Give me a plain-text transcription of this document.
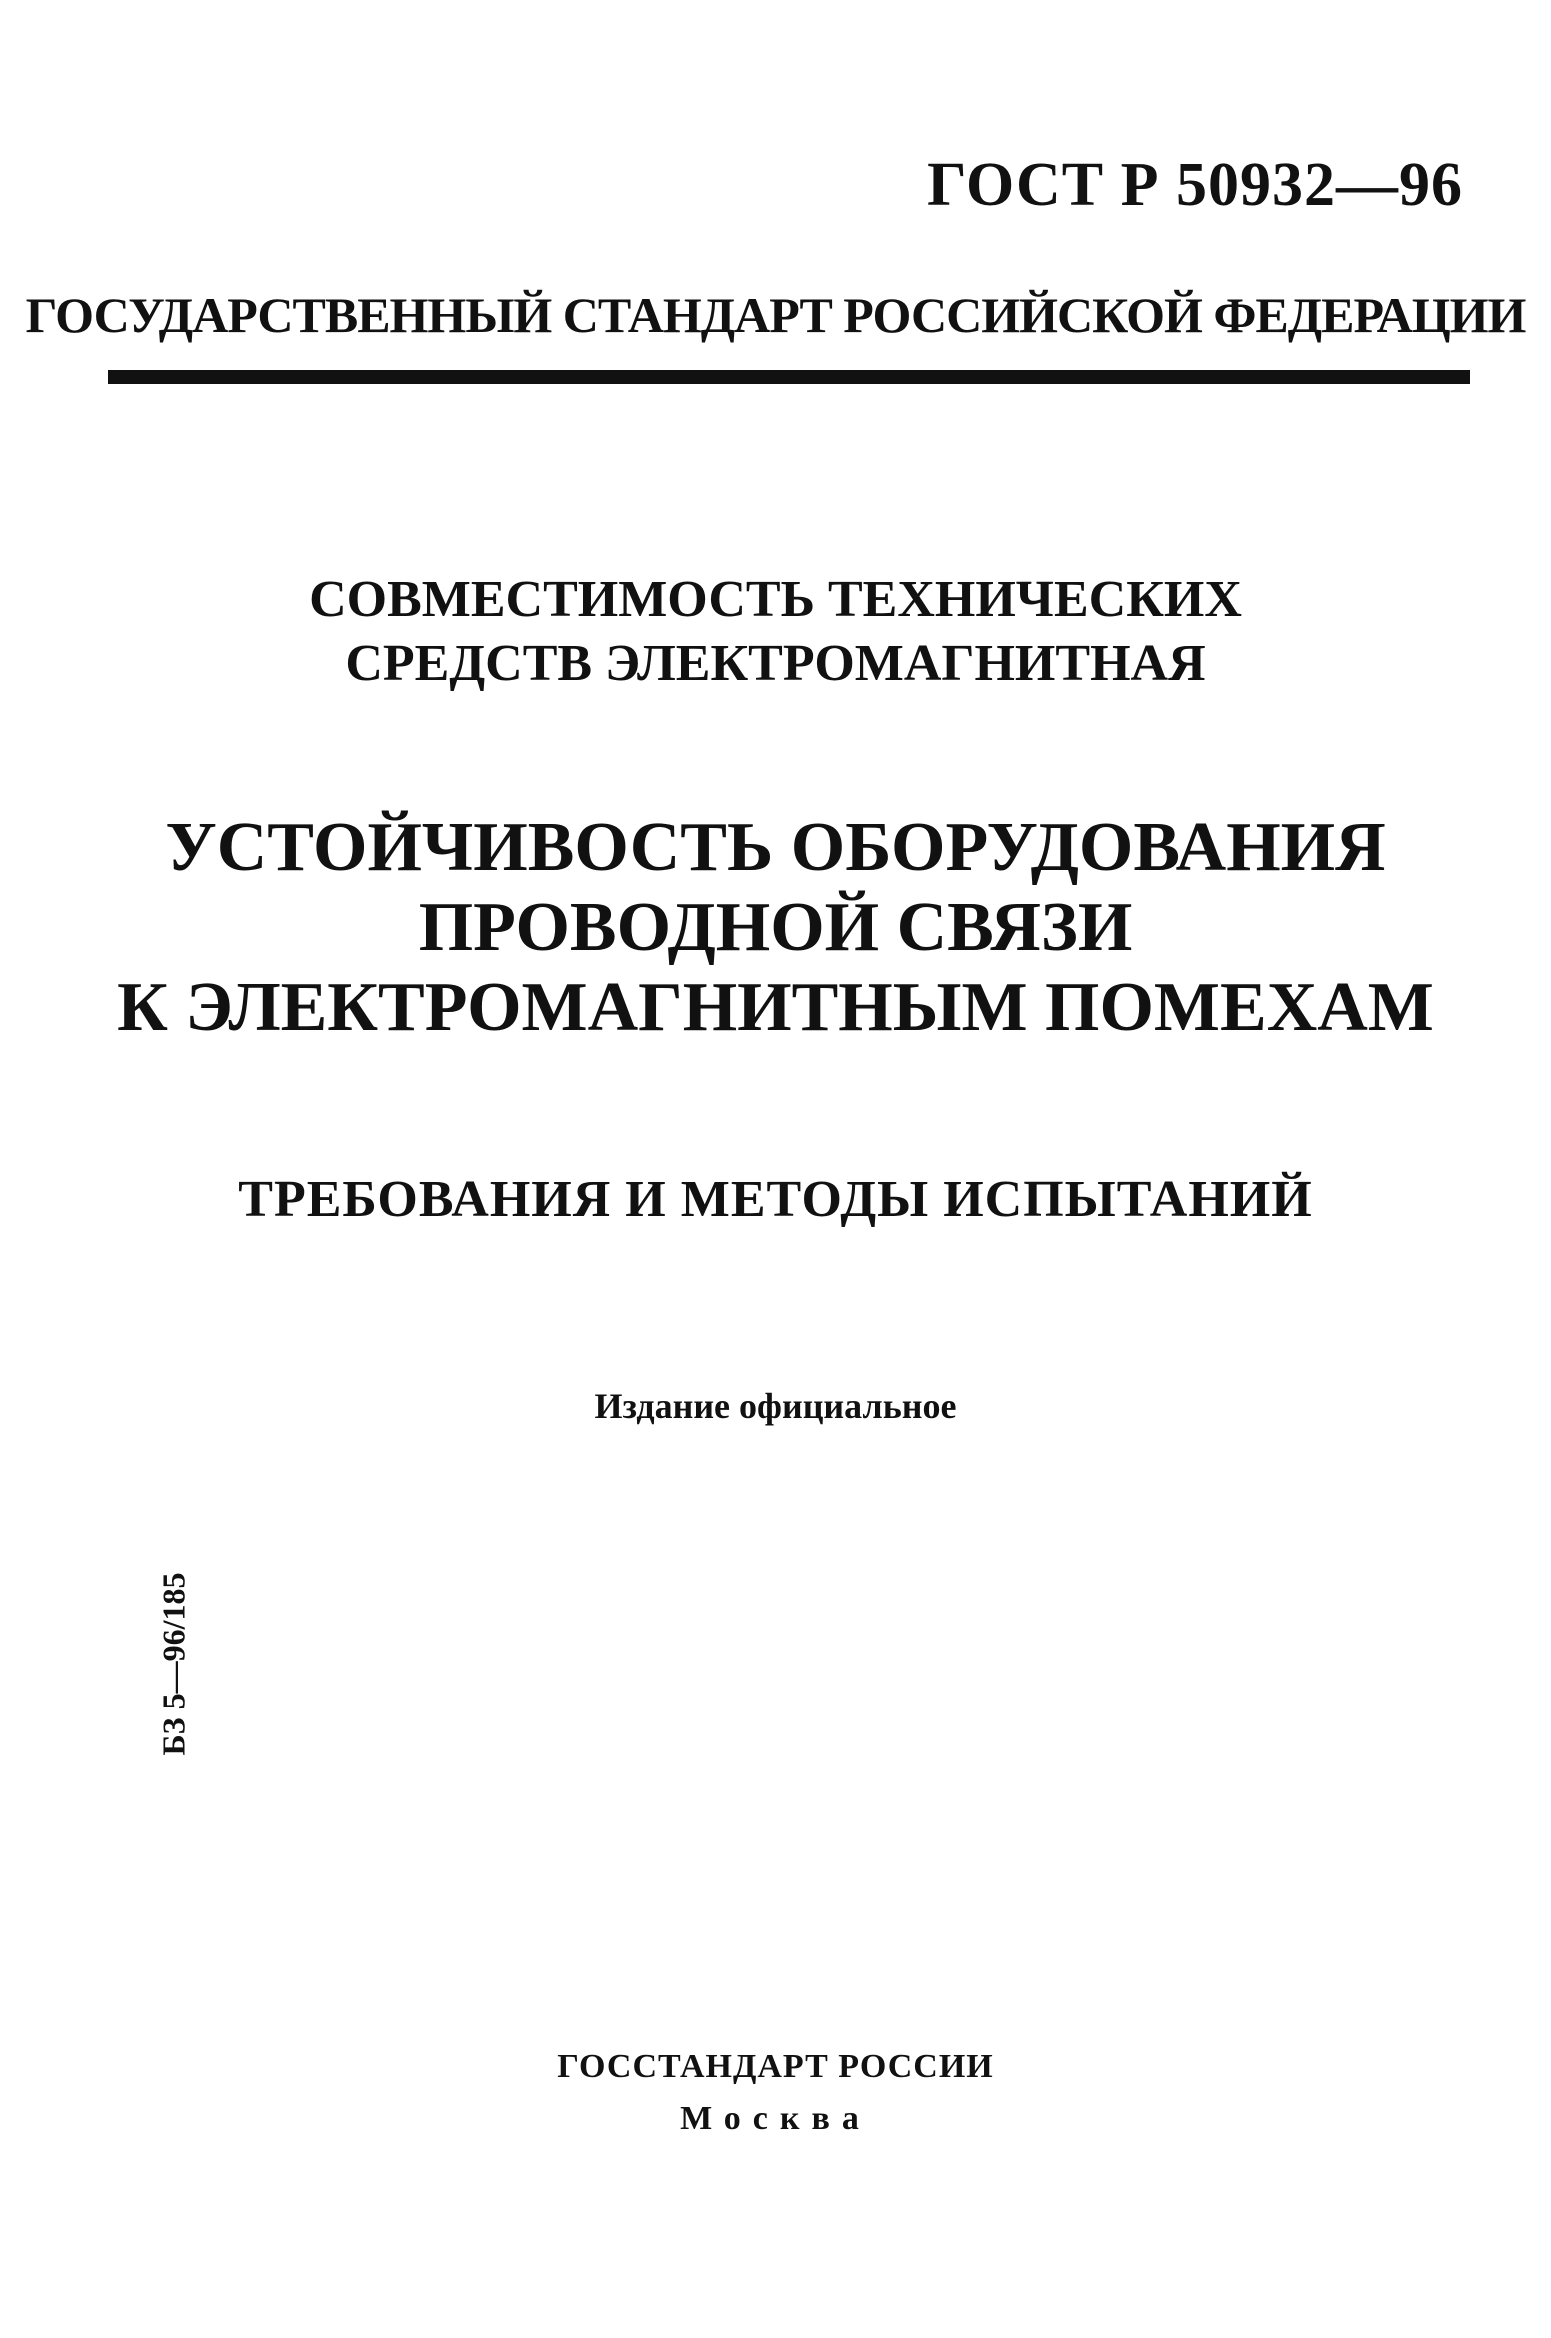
ГОСТ Р 50932—96
ГОСУДАРСТВЕННЫЙ СТАНДАРТ РОССИЙСКОЙ ФЕДЕРАЦИИ
СОВМЕСТИМОСТЬ ТЕХНИЧЕСКИХ
СРЕДСТВ ЭЛЕКТРОМАГНИТНАЯ
УСТОЙЧИВОСТЬ ОБОРУДОВАНИЯ
ПРОВОДНОЙ СВЯЗИ
К ЭЛЕКТРОМАГНИТНЫМ ПОМЕХАМ
ТРЕБОВАНИЯ И МЕТОДЫ ИСПЫТАНИЙ
Издание официальное
БЗ 5—96/185
ГОССТАНДАРТ РОССИИ
Москва
